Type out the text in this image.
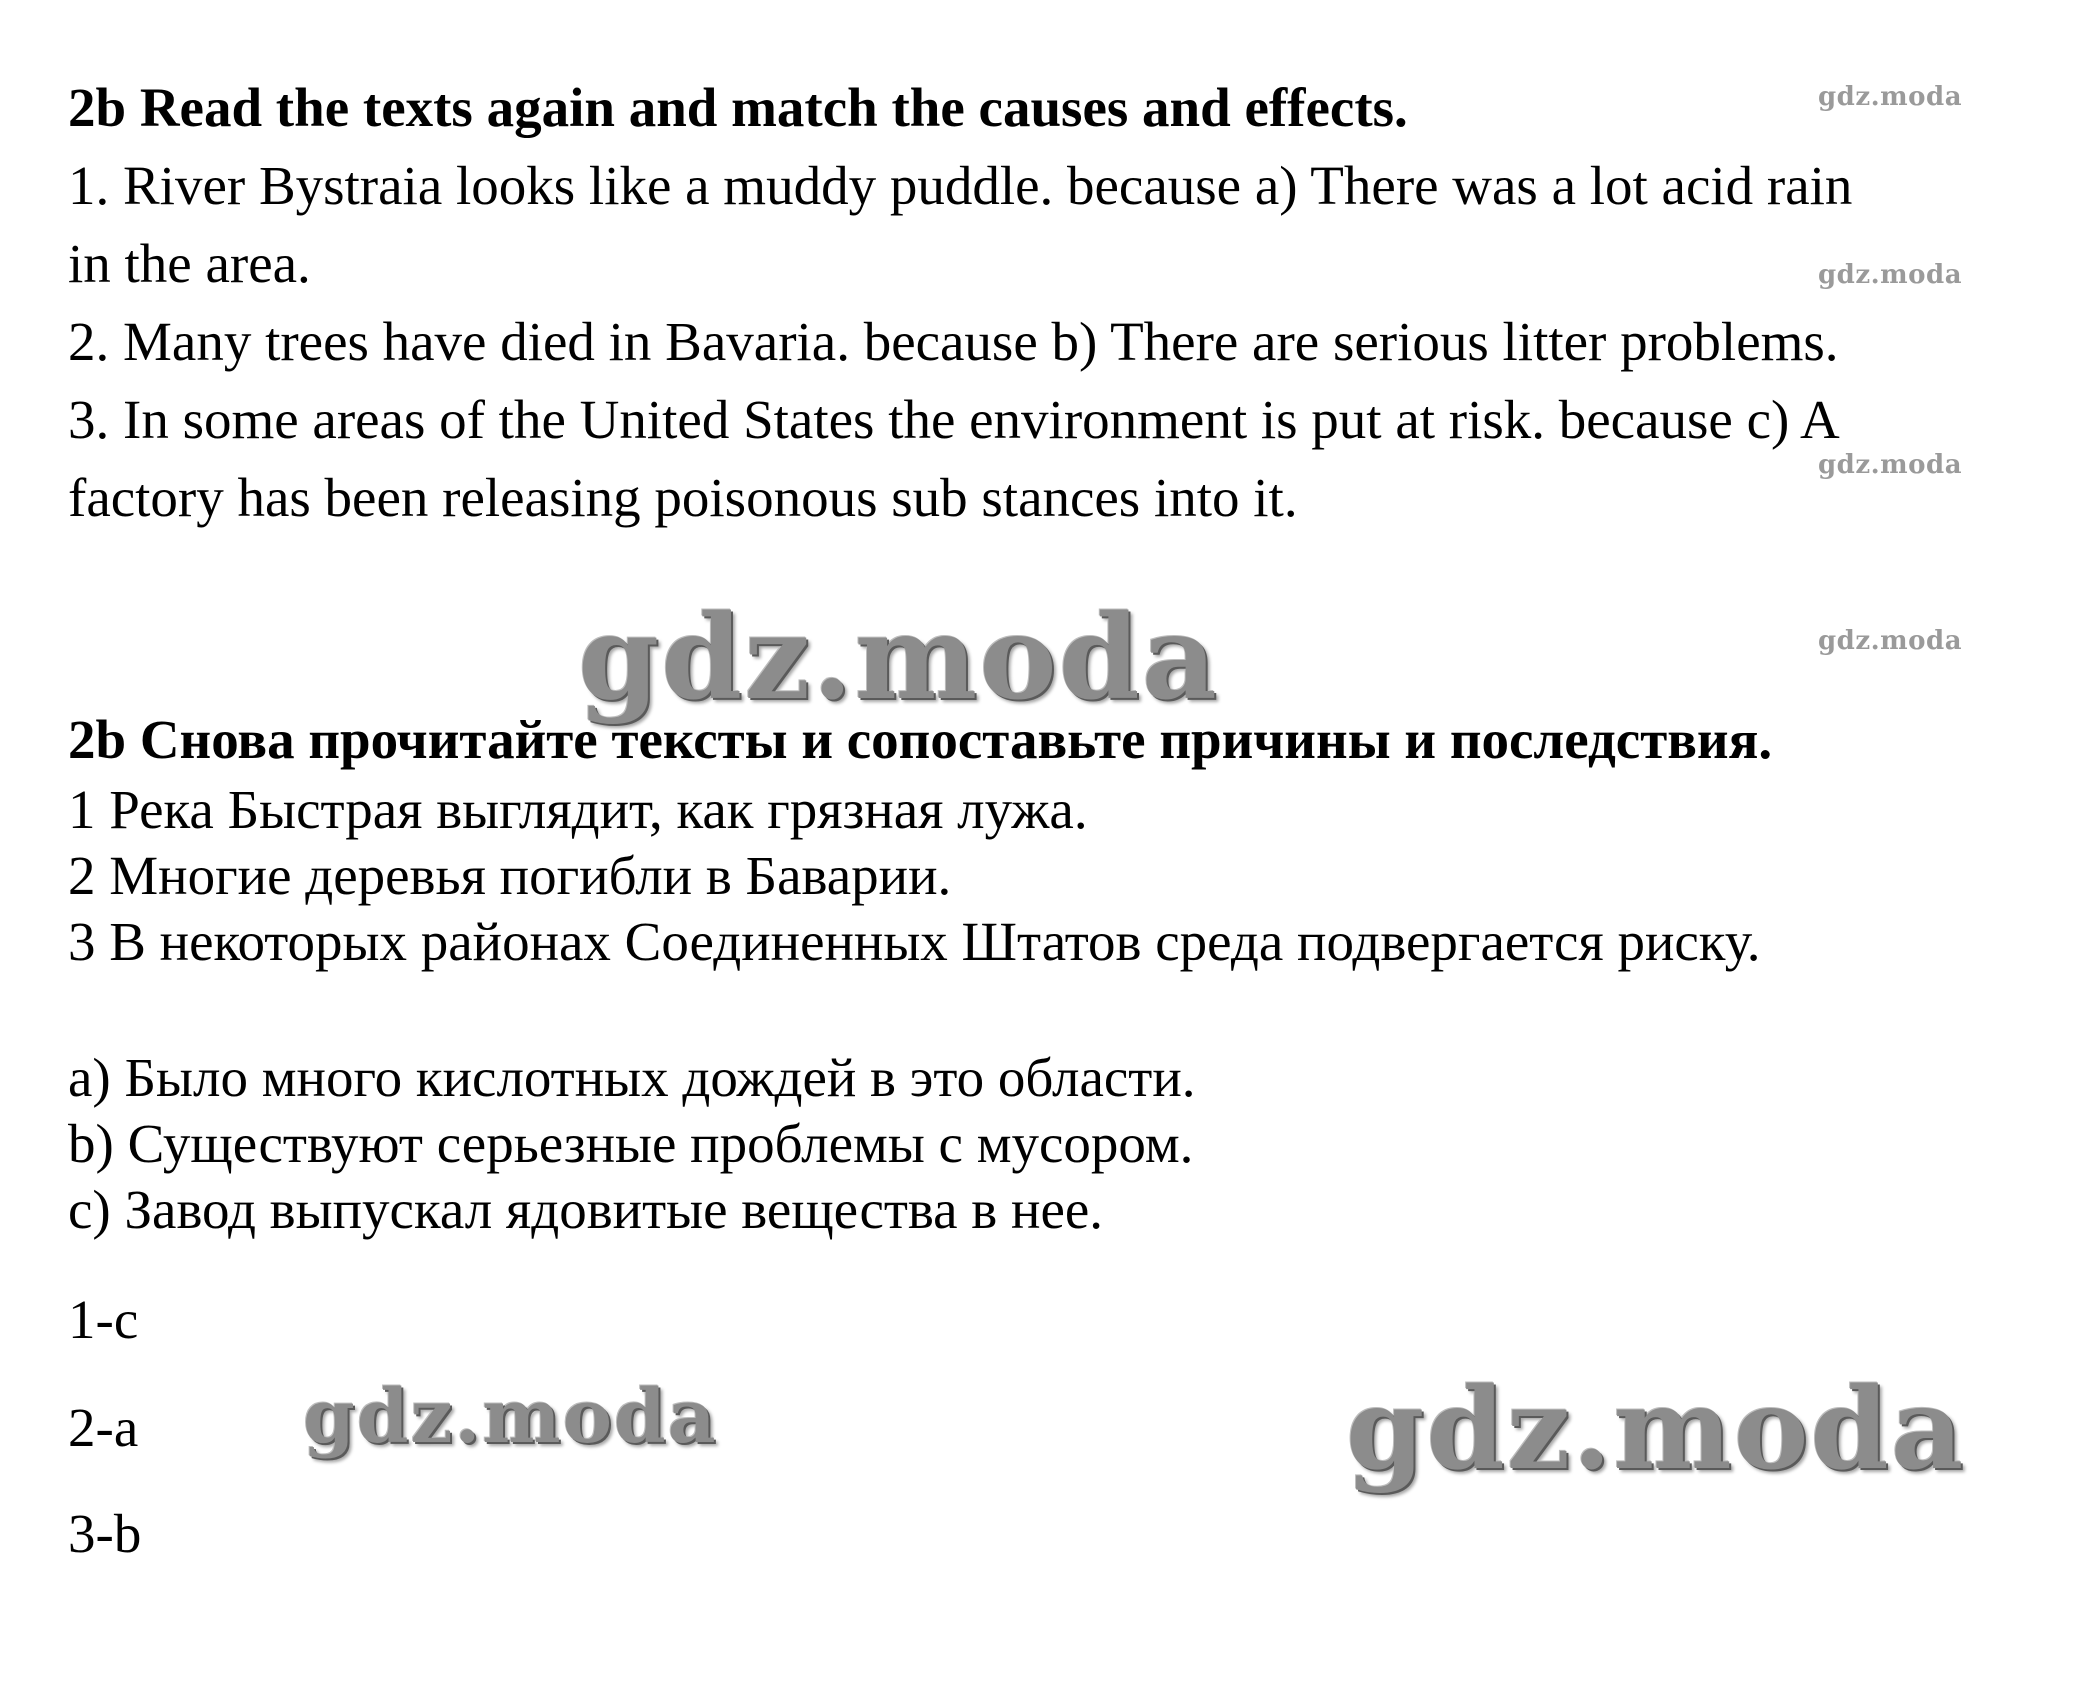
2b Read the texts again and match the causes and effects.
1. River Bystraia looks like a muddy puddle. because a) There was a lot acid rain
in the area.
2. Many trees have died in Bavaria. because b) There are serious litter problems.
3. In some areas of the United States the environment is put at risk. because c) A
factory has been releasing poisonous sub stances into it.
2b Снова прочитайте тексты и сопоставьте причины и последствия.
1 Река Быстрая выглядит, как грязная лужа.
2 Многие деревья погибли в Баварии.
3 В некоторых районах Соединенных Штатов среда подвергается риску.
a) Было много кислотных дождей в это области.
b) Существуют серьезные проблемы с мусором.
c) Завод выпускал ядовитые вещества в нее.
1-c
2-a
3-b
gdz.moda
gdz.moda
gdz.moda
gdz.moda
gdz.moda
gdz.moda	gdz.moda
